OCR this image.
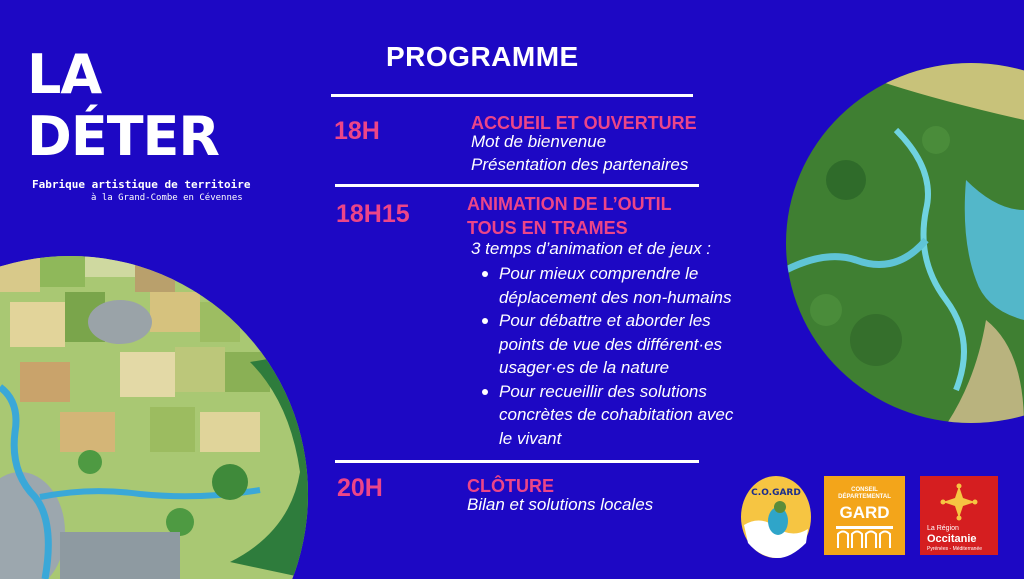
LA
DÉTER
Fabrique artistique de territoire
à la Grand-Combe en Cévennes
PROGRAMME
18H	ACCUEIL ET OUVERTURE
Mot de bienvenue
Présentation des partenaires
18H15	ANIMATION DE L’OUTIL
TOUS EN TRAMES
3 temps d’animation et de jeux :
Pour mieux comprendre le
déplacement des non-humains
Pour débattre et aborder les
points de vue des différent·es
usager·es de la nature
Pour recueillir des solutions
concrètes de cohabitation avec
le vivant
20H	CLÔTURE
Bilan et solutions locales
C.O.GARD	CONSEIL
DÉPARTEMENTAL
GARD
La Région
Occitanie
Pyrénées - Méditerranée
